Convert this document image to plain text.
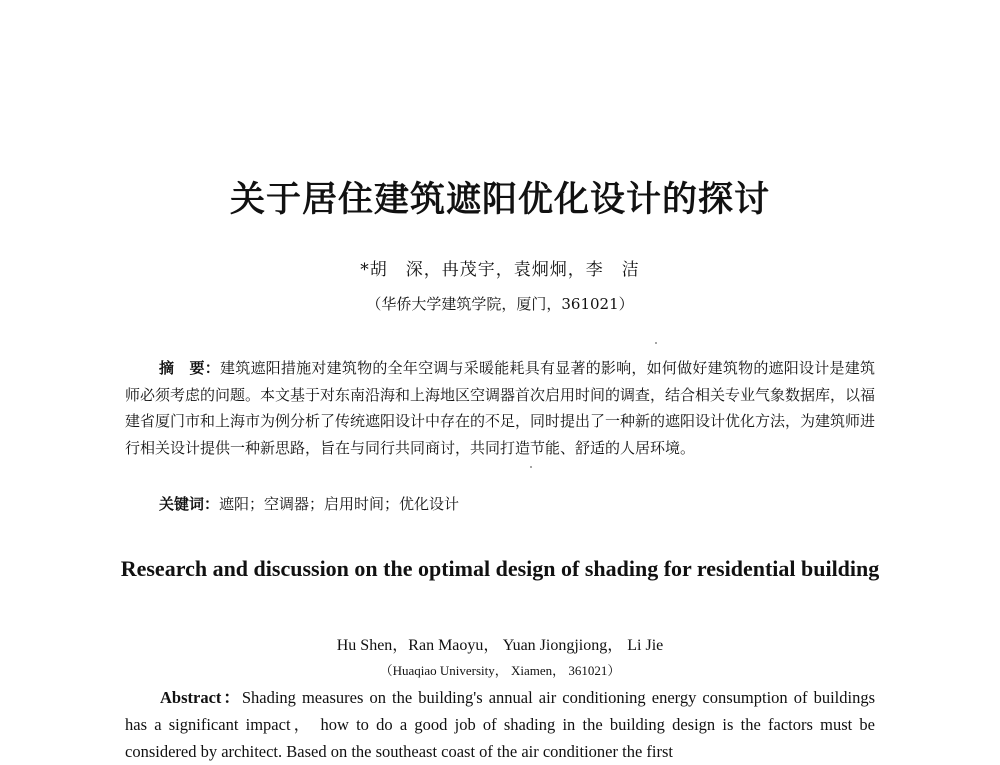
关于居住建筑遮阳优化设计的探讨
*胡　深，冉茂宇，袁炯炯，李　洁
（华侨大学建筑学院，厦门，361021）

摘　要：建筑遮阳措施对建筑物的全年空调与采暖能耗具有显著的影响，如何做好建筑物的遮阳设计是建筑师必须考虑的问题。本文基于对东南沿海和上海地区空调器首次启用时间的调查，结合相关专业气象数据库，以福建省厦门市和上海市为例分析了传统遮阳设计中存在的不足，同时提出了一种新的遮阳设计优化方法，为建筑师进行相关设计提供一种新思路，旨在与同行共同商讨，共同打造节能、舒适的人居环境。

关键词：遮阳；空调器；启用时间；优化设计
Research and discussion on the optimal design of shading for residential building
Hu Shen，Ran Maoyu， Yuan Jiongjiong， Li Jie
（Huaqiao University， Xiamen， 361021）

Abstract：Shading measures on the building's annual air conditioning energy consumption of buildings has a significant impact， how to do a good job of shading in the building design is the factors must be considered by architect. Based on the southeast coast of the air conditioner the first
